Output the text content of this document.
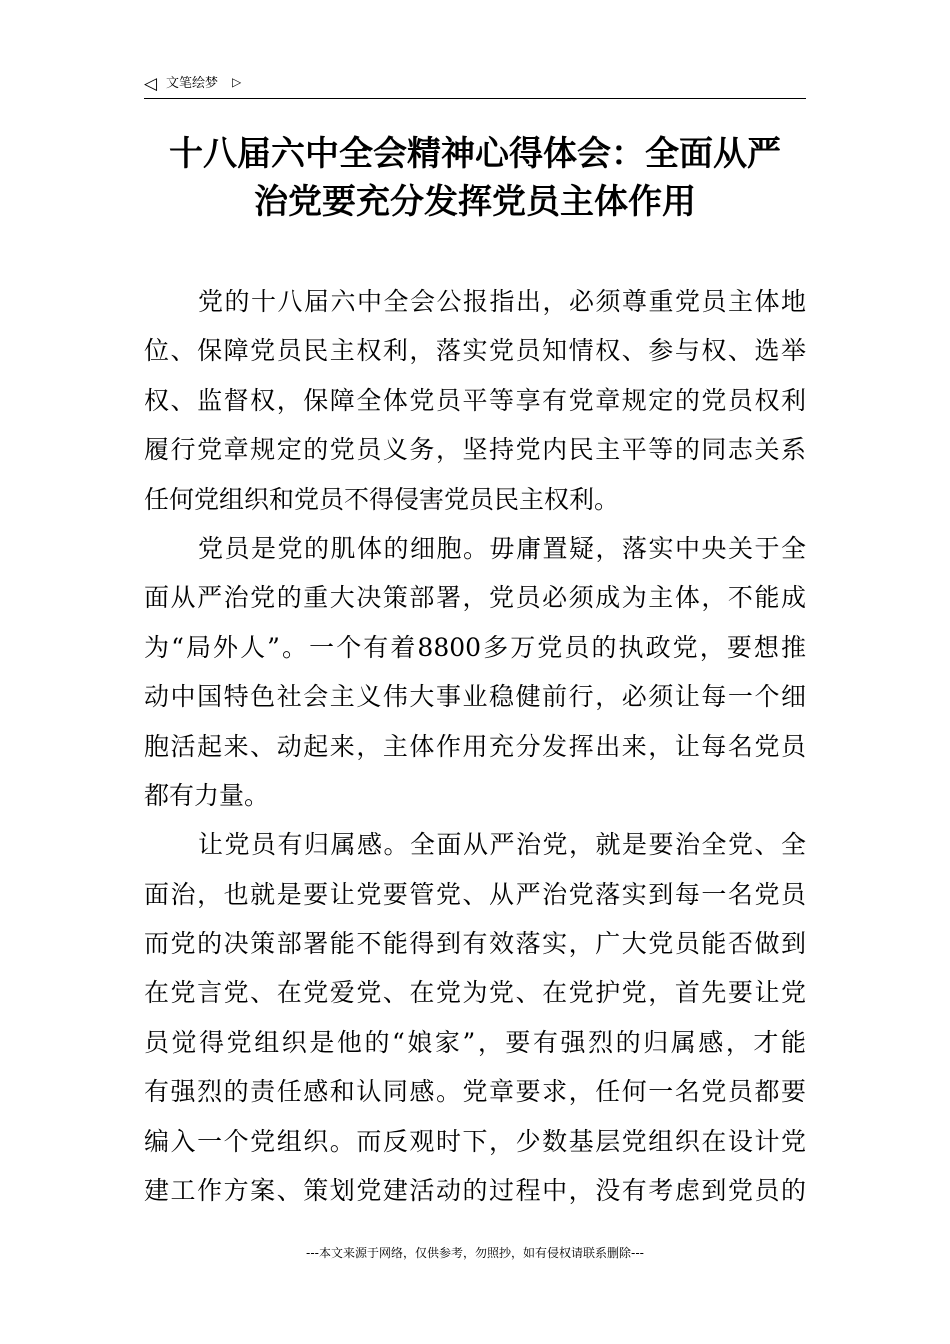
◁ 文笔绘梦 ▷
十八届六中全会精神心得体会：全面从严
治党要充分发挥党员主体作用

党的十八届六中全会公报指出，必须尊重党员主体地
位、保障党员民主权利，落实党员知情权、参与权、选举
权、监督权，保障全体党员平等享有党章规定的党员权利
履行党章规定的党员义务，坚持党内民主平等的同志关系
任何党组织和党员不得侵害党员民主权利。

党员是党的肌体的细胞。毋庸置疑，落实中央关于全
面从严治党的重大决策部署，党员必须成为主体，不能成
为“局外人”。一个有着8800多万党员的执政党，要想推
动中国特色社会主义伟大事业稳健前行，必须让每一个细
胞活起来、动起来，主体作用充分发挥出来，让每名党员
都有力量。

让党员有归属感。全面从严治党，就是要治全党、全
面治，也就是要让党要管党、从严治党落实到每一名党员
而党的决策部署能不能得到有效落实，广大党员能否做到
在党言党、在党爱党、在党为党、在党护党，首先要让党
员觉得党组织是他的“娘家”，要有强烈的归属感，才能
有强烈的责任感和认同感。党章要求，任何一名党员都要
编入一个党组织。而反观时下，少数基层党组织在设计党
建工作方案、策划党建活动的过程中，没有考虑到党员的

---本文来源于网络，仅供参考，勿照抄，如有侵权请联系删除---
